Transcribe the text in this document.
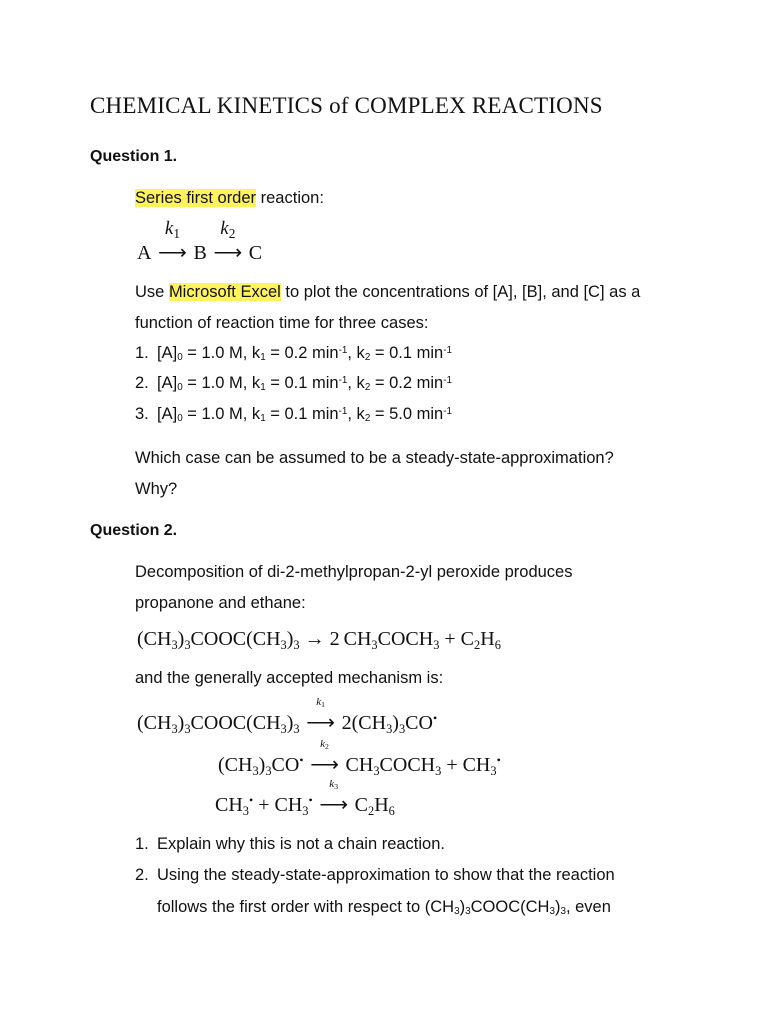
CHEMICAL KINETICS of COMPLEX REACTIONS
Question 1.
Series first order reaction:
A
$k_1$
⟶ B
$k_2$
⟶ C
Use Microsoft Excel to plot the concentrations of [A], [B], and [C] as a
function of reaction time for three cases:
1. $[A]_0 = 1.0$ M, $k_1 = 0.2$ $\min^{-1}$, $k_2 = 0.1$ $\min^{-1}$
2. $[A]_0 = 1.0$ M, $k_1 = 0.1$ $\min^{-1}$, $k_2 = 0.2$ $\min^{-1}$
3. $[A]_0 = 1.0$ M, $k_1 = 0.1$ $\min^{-1}$, $k_2 = 5.0$ $\min^{-1}$
Which case can be assumed to be a steady-state-approximation?
Why?
Question 2.
Decomposition of di-2-methylpropan-2-yl peroxide produces
propanone and ethane:
$(CH_3)_3COOC(CH_3)_3 \to 2$ $CH_3COCH_3 + C_2H_6$
and the generally accepted mechanism is:
$(CH_3)_3COOC(CH_3)_3$
$k_1$
⟶ $2(CH_3)_3CO^•$
$(CH_3)_3CO^•$
$k_2$
⟶ $CH_3COCH_3 + CH_3^•$
$CH_3^• + CH_3^•$
$k_3$
⟶ $C_2H_6$
1. Explain why this is not a chain reaction.
2. Using the steady-state-approximation to show that the reaction
follows the first order with respect to $(CH_3)_3COOC(CH_3)_3$, even
